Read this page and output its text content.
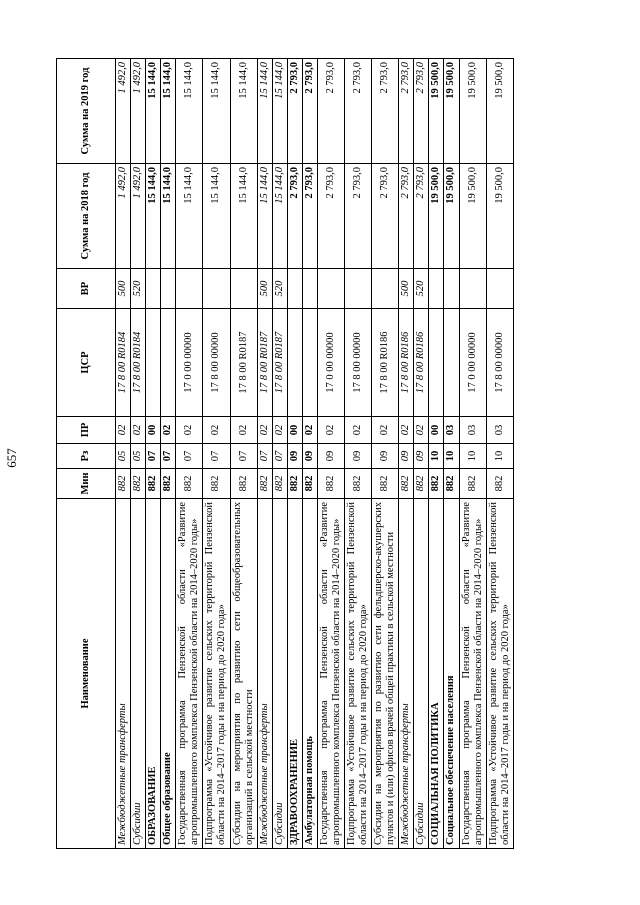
657
Наименование	Мин	Рз	ПР	ЦСР	ВР	Сумма на 2018 год	Сумма на 2019 год
Межбюджетные трансферты	882	05	02	17 8 00 R0184	500	1 492,0	1 492,0
Субсидии	882	05	02	17 8 00 R0184	520	1 492,0	1 492,0
ОБРАЗОВАНИЕ	882	07	00			15 144,0	15 144,0
Общее образование	882	07	02			15 144,0	15 144,0
Государственная программа Пензенской области «Развитие агропромышленного комплекса Пензенской области на 2014–2020 годы»	882	07	02	17 0 00 00000		15 144,0	15 144,0
Подпрограмма «Устойчивое развитие сельских территорий Пензенской области на 2014–2017 годы и на период до 2020 года»	882	07	02	17 8 00 00000		15 144,0	15 144,0
Субсидии на мероприятия по развитию сети общеобразовательных организаций в сельской местности	882	07	02	17 8 00 R0187		15 144,0	15 144,0
Межбюджетные трансферты	882	07	02	17 8 00 R0187	500	15 144,0	15 144,0
Субсидии	882	07	02	17 8 00 R0187	520	15 144,0	15 144,0
ЗДРАВООХРАНЕНИЕ	882	09	00			2 793,0	2 793,0
Амбулаторная помощь	882	09	02			2 793,0	2 793,0
Государственная программа Пензенской области «Развитие агропромышленного комплекса Пензенской области на 2014–2020 годы»	882	09	02	17 0 00 00000		2 793,0	2 793,0
Подпрограмма «Устойчивое развитие сельских территорий Пензенской области на 2014–2017 годы и на период до 2020 года»	882	09	02	17 8 00 00000		2 793,0	2 793,0
Субсидии на мероприятия по развитию сети фельдшерско-акушерских пунктов и (или) офисов врачей общей практики в сельской местности	882	09	02	17 8 00 R0186		2 793,0	2 793,0
Межбюджетные трансферты	882	09	02	17 8 00 R0186	500	2 793,0	2 793,0
Субсидии	882	09	02	17 8 00 R0186	520	2 793,0	2 793,0
СОЦИАЛЬНАЯ ПОЛИТИКА	882	10	00			19 500,0	19 500,0
Социальное обеспечение населения	882	10	03			19 500,0	19 500,0
Государственная программа Пензенской области «Развитие агропромышленного комплекса Пензенской области на 2014–2020 годы»	882	10	03	17 0 00 00000		19 500,0	19 500,0
Подпрограмма «Устойчивое развитие сельских территорий Пензенской области на 2014–2017 годы и на период до 2020 года»	882	10	03	17 8 00 00000		19 500,0	19 500,0
